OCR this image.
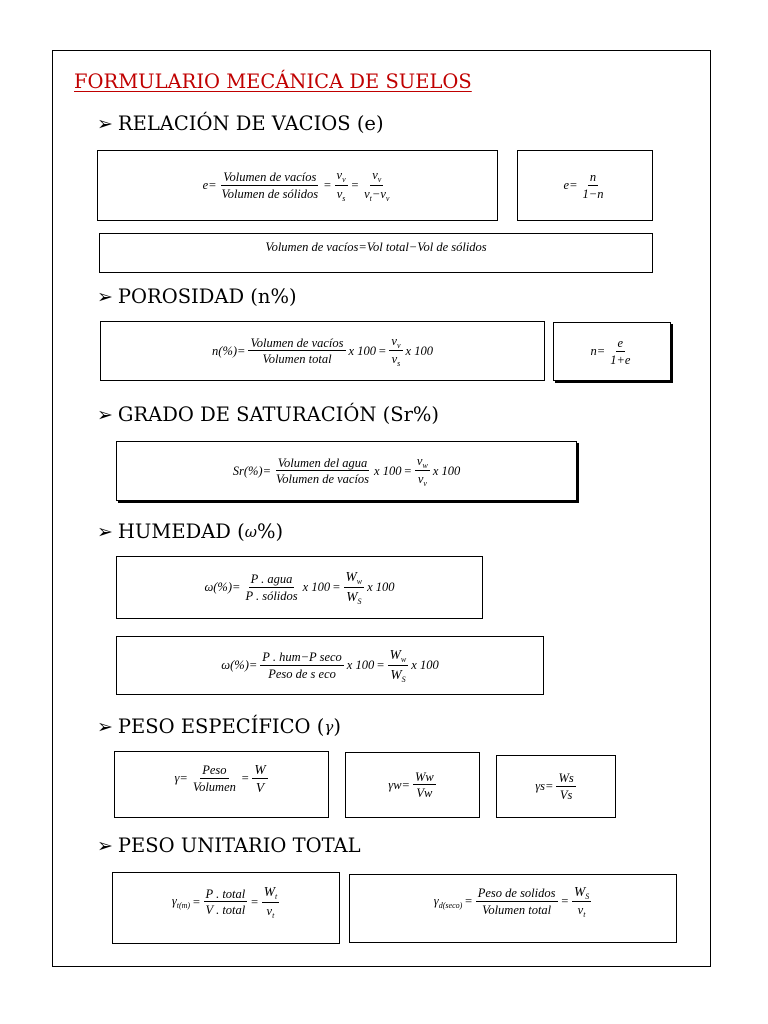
FORMULARIO MECÁNICA DE SUELOS
➢ RELACIÓN DE VACIOS (e)
$e= \frac{\text{Volumen de vacíos}}{\text{Volumen de sólidos}} = \frac{v_v}{v_s} = \frac{v_v}{v_t-v_v}$	$e= \frac{n}{1-n}$
Volumen de vacíos=Vol total−Vol de sólidos
➢ POROSIDAD (n%)
$n(\%)= \frac{\text{Volumen de vacíos}}{\text{Volumen total}}$ x $100 = \frac{v_v}{v_s}$ x 100	$n= \frac{e}{1+e}$
➢ GRADO DE SATURACIÓN (Sr%)
$Sr(\%)= \frac{\text{Volumen del agua}}{\text{Volumen de vacíos}}$ x $100 = \frac{v_w}{v_v}$ x 100
➢ HUMEDAD ( ω %)
$\omega(\%)= \frac{\text{P . agua}}{\text{P . sólidos}}$ x $100 = \frac{W_w}{W_S}$ x 100
$\omega(\%)= \frac{\text{P . hum−P seco}}{\text{Peso de s eco}}$ x $100 = \frac{W_w}{W_S}$ x 100
➢ PESO ESPECÍFICO ( γ )
$\gamma= \frac{\text{Peso}}{\text{Volumen}} = \frac{W}{V}$	$\gamma w= \frac{Ww}{Vw}$	$\gamma s= \frac{Ws}{Vs}$
➢ PESO UNITARIO TOTAL
$\gamma_{t(m)} = \frac{\text{P . total}}{\text{V . total}} = \frac{W_t}{v_t}$	$\gamma_{d(seco)} = \frac{\text{Peso de solidos}}{\text{Volumen total}} = \frac{W_S}{v_t}$
